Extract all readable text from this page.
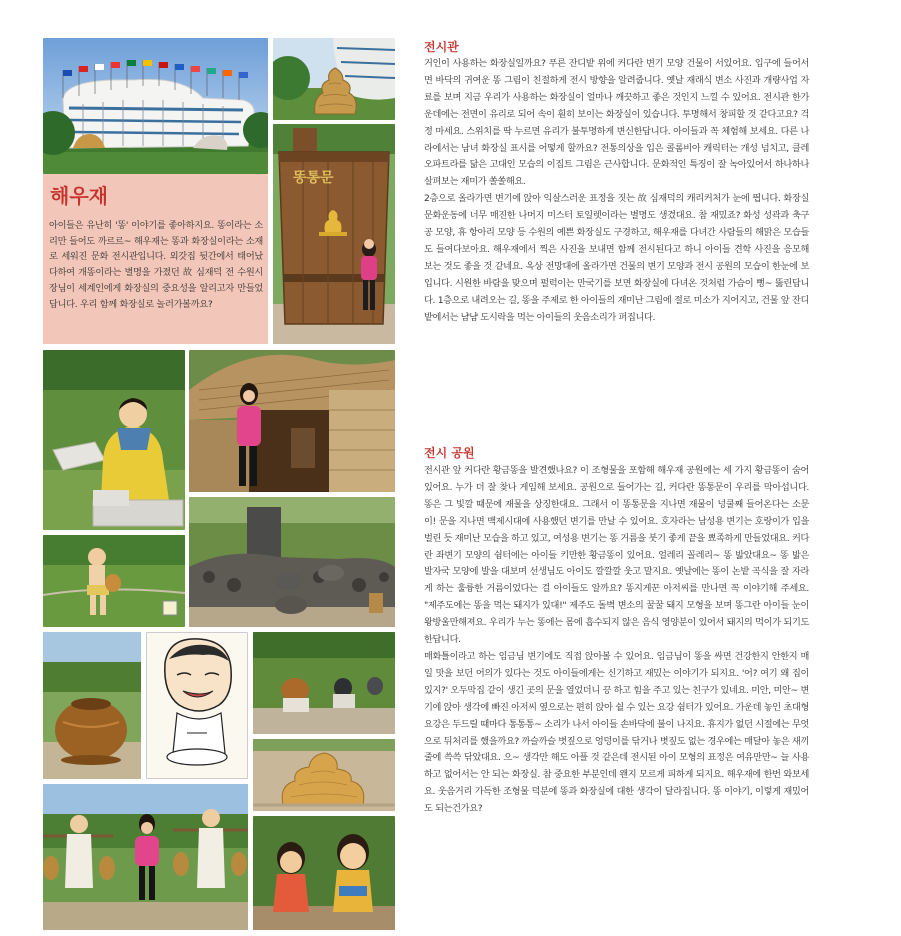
똥통문
해우재

아이들은 유난히 '똥' 이야기를 좋아하지요. 똥이라는 소리만 들어도 까르르~ 해우재는 똥과 화장실이라는 소재로 세워진 문화 전시관입니다. 외갓집 뒷간에서 태어났다하여 개똥이라는 별명을 가졌던 故 심재덕 전 수원시장님이 세계인에게 화장실의 중요성을 알리고자 만들었답니다. 우리 함께 화장실로 놀러가볼까요?

전시관

거인이 사용하는 화장실일까요? 푸른 잔디밭 위에 커다란 변기 모양 건물이 서있어요. 입구에 들어서면 바닥의 귀여운 똥 그림이 친절하게 전시 방향을 알려줍니다. 옛날 재래식 변소 사진과 개량사업 자료를 보며 지금 우리가 사용하는 화장실이 얼마나 깨끗하고 좋은 것인지 느낄 수 있어요. 전시관 한가운데에는 전면이 유리로 되어 속이 훤히 보이는 화장실이 있습니다. 투명해서 창피할 것 같다고요? 걱정 마세요. 스위치를 딱 누르면 유리가 불투명하게 변신한답니다. 아이들과 꼭 체험해 보세요. 다른 나라에서는 남녀 화장실 표시를 어떻게 할까요? 전통의상을 입은 콜롬비아 캐릭터는 개성 넘치고, 클레오파트라를 닮은 고대인 모습의 이집트 그림은 근사합니다. 문화적인 특징이 잘 녹아있어서 하나하나 살펴보는 재미가 쏠쏠해요.

2층으로 올라가면 변기에 앉아 익살스러운 표정을 짓는 故 심재덕의 캐리커처가 눈에 띕니다. 화장실문화운동에 너무 매진한 나머지 미스터 토일렛이라는 별명도 생겼대요. 참 재밌죠? 화성 성곽과 축구공 모양, 휴 항아리 모양 등 수원의 예쁜 화장실도 구경하고, 해우재를 다녀간 사람들의 해맑은 모습들도 들여다보아요. 해우재에서 찍은 사진을 보내면 함께 전시된다고 하니 아이들 견학 사진을 응모해 보는 것도 좋을 것 같네요. 옥상 전망대에 올라가면 건물의 변기 모양과 전시 공원의 모습이 한눈에 보입니다. 시원한 바람을 맞으며 펄럭이는 만국기를 보면 화장실에 다녀온 것처럼 가슴이 뻥~ 뚫린답니다. 1층으로 내려오는 길, 똥을 주제로 한 아이들의 재미난 그림에 절로 미소가 지어지고, 건물 앞 잔디밭에서는 냠냠 도시락을 먹는 아이들의 웃음소리가 퍼집니다.

전시 공원

전시관 앞 커다란 황금똥을 발견했나요? 이 조형물을 포함해 해우재 공원에는 세 가지 황금똥이 숨어있어요. 누가 더 잘 찾나 게임해 보세요. 공원으로 들어가는 길, 커다란 똥통문이 우리를 막아섭니다. 똥은 그 빛깔 때문에 재물을 상징한대요. 그래서 이 똥통문을 지나면 재물이 넝쿨째 들어온다는 소문이! 문을 지나면 백제시대에 사용했던 변기를 만날 수 있어요. 호자라는 남성용 변기는 호랑이가 입을 벌린 듯 재미난 모습을 하고 있고, 여성용 변기는 똥 거름을 붓기 좋게 끝을 뾰족하게 만들었대요. 커다란 좌변기 모양의 쉼터에는 아이들 키만한 황금똥이 있어요. 얼레리 꼴레리~ 똥 밟았대요~ 똥 밟은 발자국 모양에 발을 대보며 선생님도 아이도 깔깔깔 웃고 말지요. 옛날에는 똥이 논밭 곡식을 잘 자라게 하는 훌륭한 거름이었다는 걸 아이들도 알까요? 똥지게꾼 아저씨를 만나면 꼭 이야기해 주세요. "제주도에는 똥을 먹는 돼지가 있대!" 제주도 돌벽 변소의 꿀꿀 돼지 모형을 보며 똥그란 아이들 눈이 왕방울만해져요. 우리가 누는 똥에는 몸에 흡수되지 않은 음식 영양분이 있어서 돼지의 먹이가 되기도 한답니다.

매화틀이라고 하는 임금님 변기에도 직접 앉아볼 수 있어요. 임금님이 똥을 싸면 건강한지 안한지 매일 맛을 보던 어의가 있다는 것도 아이들에게는 신기하고 재밌는 이야기가 되지요. '어? 여기 왜 집이 있지?' 오두막집 같이 생긴 곳의 문을 열었더니 끙 하고 힘을 주고 있는 친구가 있네요. 미안, 미안~ 변기에 앉아 생각에 빠진 아저씨 옆으로는 편히 앉아 쉴 수 있는 요강 쉼터가 있어요. 가운데 놓인 초대형 요강은 두드릴 때마다 통통통~ 소리가 나서 아이들 손바닥에 불이 나지요. 휴지가 없던 시절에는 무엇으로 뒤처리를 했을까요? 까슬까슬 볏짚으로 엉덩이를 닦거나 볏짚도 없는 경우에는 매달아 놓은 새끼줄에 쓱쓱 닦았대요. 으~ 생각만 해도 아플 것 같은데 전시된 아이 모형의 표정은 여유만만~ 늘 사용하고 없어서는 안 되는 화장실. 참 중요한 부분인데 왠지 모르게 피하게 되지요. 해우재에 한번 와보세요. 웃음거리 가득한 조형물 덕분에 똥과 화장실에 대한 생각이 달라집니다. 똥 이야기, 이렇게 재밌어도 되는건가요?
